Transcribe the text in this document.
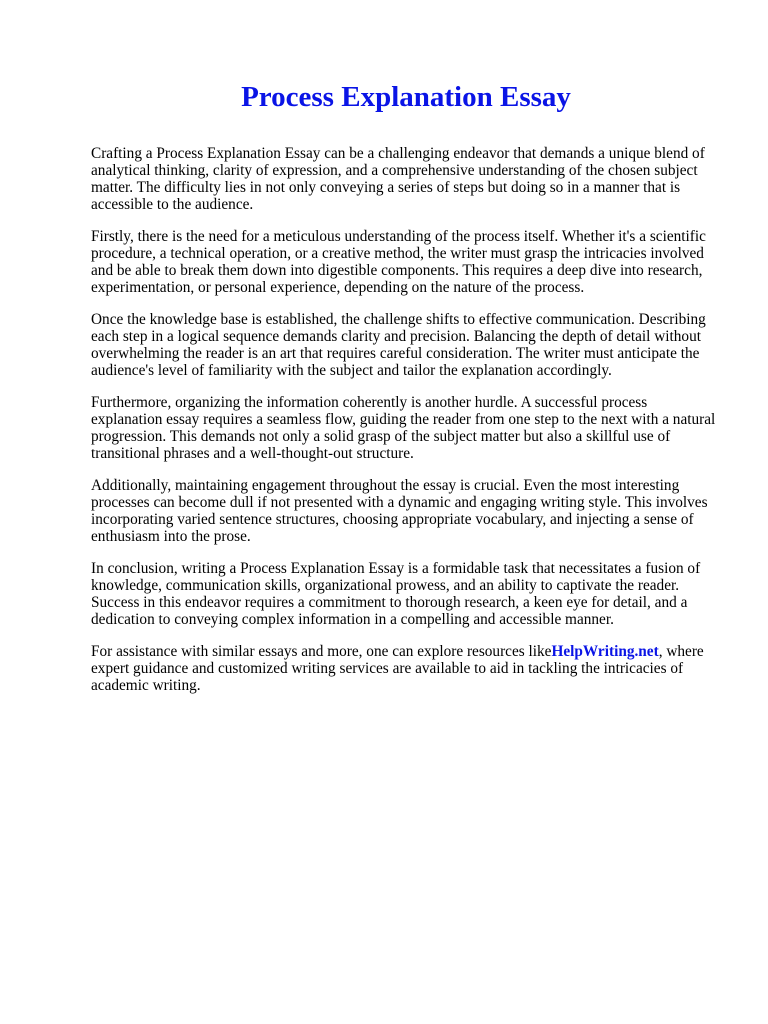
Process Explanation Essay

Crafting a Process Explanation Essay can be a challenging endeavor that demands a unique blend of analytical thinking, clarity of expression, and a comprehensive understanding of the chosen subject matter. The difficulty lies in not only conveying a series of steps but doing so in a manner that is accessible to the audience.

Firstly, there is the need for a meticulous understanding of the process itself. Whether it's a scientific procedure, a technical operation, or a creative method, the writer must grasp the intricacies involved and be able to break them down into digestible components. This requires a deep dive into research, experimentation, or personal experience, depending on the nature of the process.

Once the knowledge base is established, the challenge shifts to effective communication. Describing each step in a logical sequence demands clarity and precision. Balancing the depth of detail without overwhelming the reader is an art that requires careful consideration. The writer must anticipate the audience's level of familiarity with the subject and tailor the explanation accordingly.

Furthermore, organizing the information coherently is another hurdle. A successful process explanation essay requires a seamless flow, guiding the reader from one step to the next with a natural progression. This demands not only a solid grasp of the subject matter but also a skillful use of transitional phrases and a well-thought-out structure.

Additionally, maintaining engagement throughout the essay is crucial. Even the most interesting processes can become dull if not presented with a dynamic and engaging writing style. This involves incorporating varied sentence structures, choosing appropriate vocabulary, and injecting a sense of enthusiasm into the prose.

In conclusion, writing a Process Explanation Essay is a formidable task that necessitates a fusion of knowledge, communication skills, organizational prowess, and an ability to captivate the reader. Success in this endeavor requires a commitment to thorough research, a keen eye for detail, and a dedication to conveying complex information in a compelling and accessible manner.

For assistance with similar essays and more, one can explore resources likeHelpWriting.net, where expert guidance and customized writing services are available to aid in tackling the intricacies of academic writing.
